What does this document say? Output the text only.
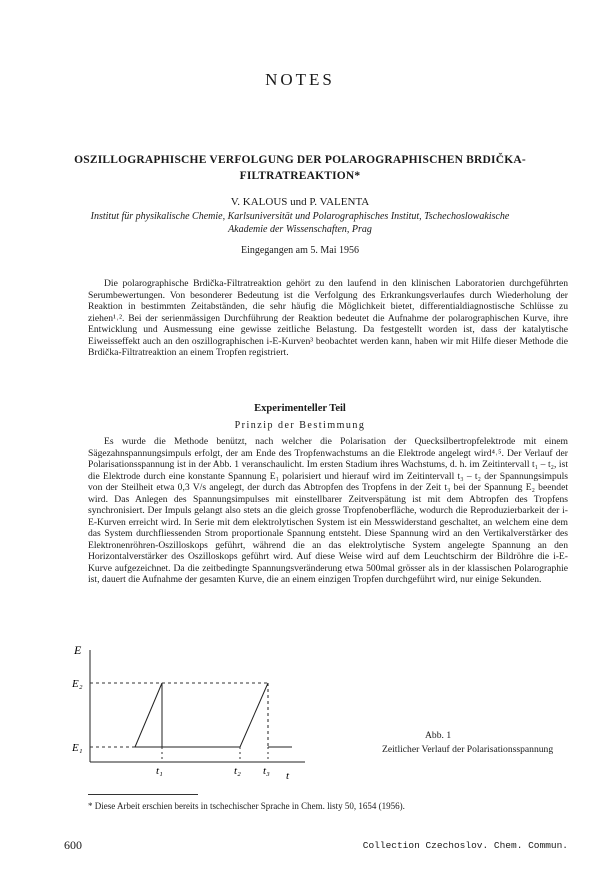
NOTES
OSZILLOGRAPHISCHE VERFOLGUNG DER POLAROGRAPHISCHEN BRDIČKA-FILTRATREAKTION*
V. KALOUS und P. VALENTA
Institut für physikalische Chemie, Karlsuniversität und Polarographisches Institut, Tschechoslowakische Akademie der Wissenschaften, Prag
Eingegangen am 5. Mai 1956
Die polarographische Brdička-Filtratreaktion gehört zu den laufend in den klinischen Laboratorien durchgeführten Serumbewertungen. Von besonderer Bedeutung ist die Verfolgung des Erkrankungsverlaufes durch Wiederholung der Reaktion in bestimmten Zeitabständen, die sehr häufig die Möglichkeit bietet, differentialdiagnostische Schlüsse zu ziehen¹˒². Bei der serienmässigen Durchführung der Reaktion bedeutet die Aufnahme der polarographischen Kurve, ihre Entwicklung und Ausmessung eine gewisse zeitliche Belastung. Da festgestellt worden ist, dass der katalytische Eiweisseffekt auch an den oszillographischen i-E-Kurven³ beobachtet werden kann, haben wir mit Hilfe dieser Methode die Brdička-Filtratreaktion an einem Tropfen registriert.
Experimenteller Teil
Prinzip der Bestimmung
Es wurde die Methode benützt, nach welcher die Polarisation der Quecksilbertropfelektrode mit einem Sägezahnspannungsimpuls erfolgt, der am Ende des Tropfenwachstums an die Elektrode angelegt wird⁴˒⁵. Der Verlauf der Polarisationsspannung ist in der Abb. 1 veranschaulicht. Im ersten Stadium ihres Wachstums, d. h. im Zeitintervall t₁ – t₂, ist die Elektrode durch eine konstante Spannung E₁ polarisiert und hierauf wird im Zeitintervall t₃ – t₂ der Spannungsimpuls von der Steilheit etwa 0,3 V/s angelegt, der durch das Abtropfen des Tropfens in der Zeit t₃ bei der Spannung E₂ beendet wird. Das Anlegen des Spannungsimpulses mit einstellbarer Zeitverspätung ist mit dem Abtropfen des Tropfens synchronisiert. Der Impuls gelangt also stets an die gleich grosse Tropfenoberfläche, wodurch die Reproduzierbarkeit der i-E-Kurven erreicht wird. In Serie mit dem elektrolytischen System ist ein Messwiderstand geschaltet, an welchem eine dem das System durchfliessenden Strom proportionale Spannung entsteht. Diese Spannung wird an den Vertikalverstärker des Elektronenröhren-Oszilloskops geführt, während die an das elektrolytische System angelegte Spannung an den Horizontalverstärker des Oszilloskops geführt wird. Auf diese Weise wird auf dem Leuchtschirm der Bildröhre die i-E-Kurve aufgezeichnet. Da die zeitbedingte Spannungsveränderung etwa 500mal grösser als in der klassischen Polarographie ist, dauert die Aufnahme der gesamten Kurve, die an einem einzigen Tropfen durchgeführt wird, nur einige Sekunden.
E
E₂
E₁
t₁	t₂ t₃ t
Abb. 1
Zeitlicher Verlauf der Polarisationsspannung
* Diese Arbeit erschien bereits in tschechischer Sprache in Chem. listy 50, 1654 (1956).
600	Collection Czechoslov. Chem. Commun.
